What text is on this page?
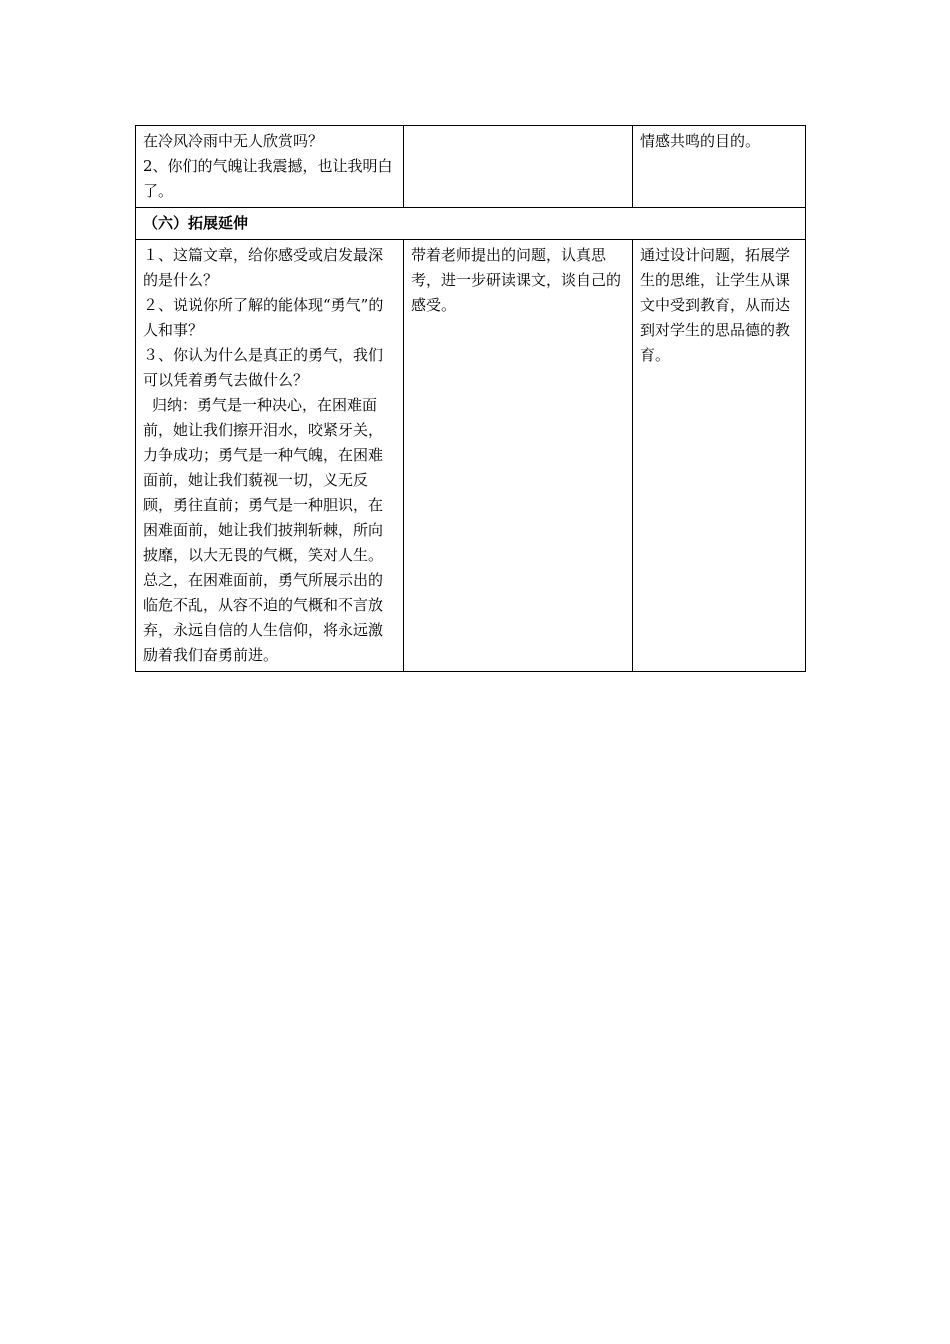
在冷风冷雨中无人欣赏吗？

2、你们的气魄让我震撼，也让我明白了。		情感共鸣的目的。

（六）拓展延伸		

１、这篇文章，给你感受或启发最深的是什么？

２、说说你所了解的能体现“勇气”的人和事？

３、你认为什么是真正的勇气，我们可以凭着勇气去做什么？

归纳：勇气是一种决心，在困难面前，她让我们擦开泪水，咬紧牙关，力争成功；勇气是一种气魄，在困难面前，她让我们藐视一切，义无反顾，勇往直前；勇气是一种胆识，在困难面前，她让我们披荆斩棘，所向披靡，以大无畏的气概，笑对人生。总之，在困难面前，勇气所展示出的临危不乱，从容不迫的气概和不言放弃，永远自信的人生信仰，将永远激励着我们奋勇前进。	带着老师提出的问题，认真思考，进一步研读课文，谈自己的感受。	通过设计问题，拓展学生的思维，让学生从课文中受到教育，从而达到对学生的思品德的教育。
